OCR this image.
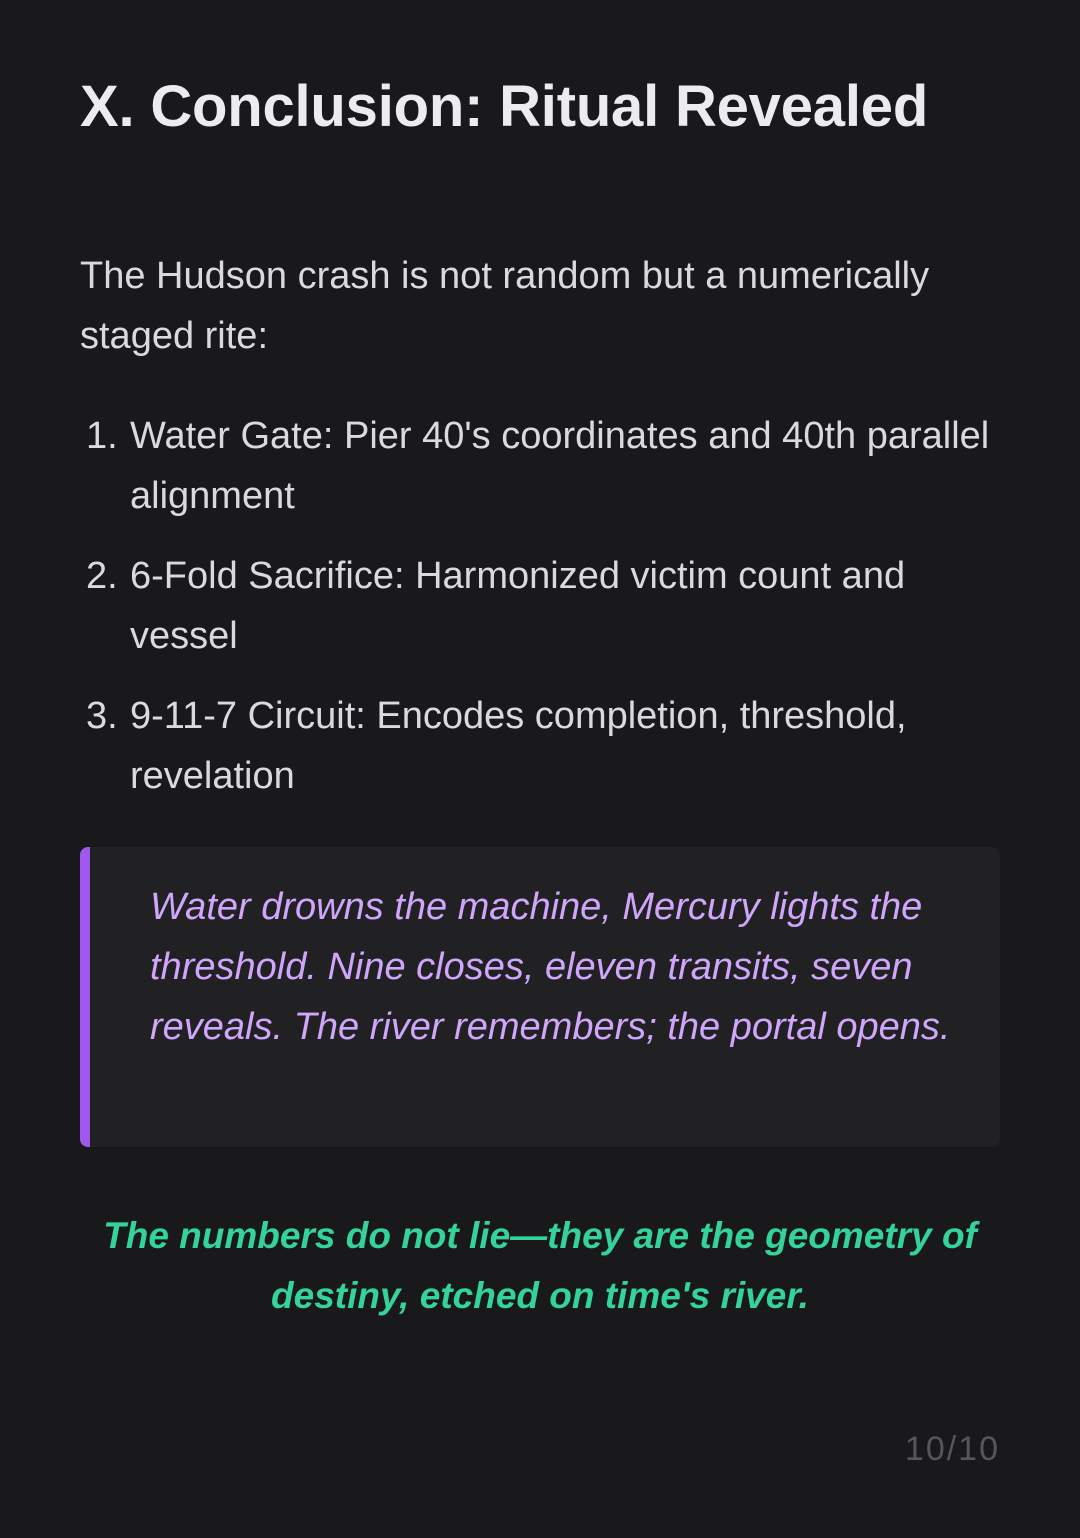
X. Conclusion: Ritual Revealed

The Hudson crash is not random but a numerically staged rite:

1. Water Gate: Pier 40's coordinates and 40th parallel alignment
2. 6-Fold Sacrifice: Harmonized victim count and vessel
3. 9-11-7 Circuit: Encodes completion, threshold, revelation

Water drowns the machine, Mercury lights the threshold. Nine closes, eleven transits, seven reveals. The river remembers; the portal opens.

The numbers do not lie—they are the geometry of destiny, etched on time's river.

10/10
